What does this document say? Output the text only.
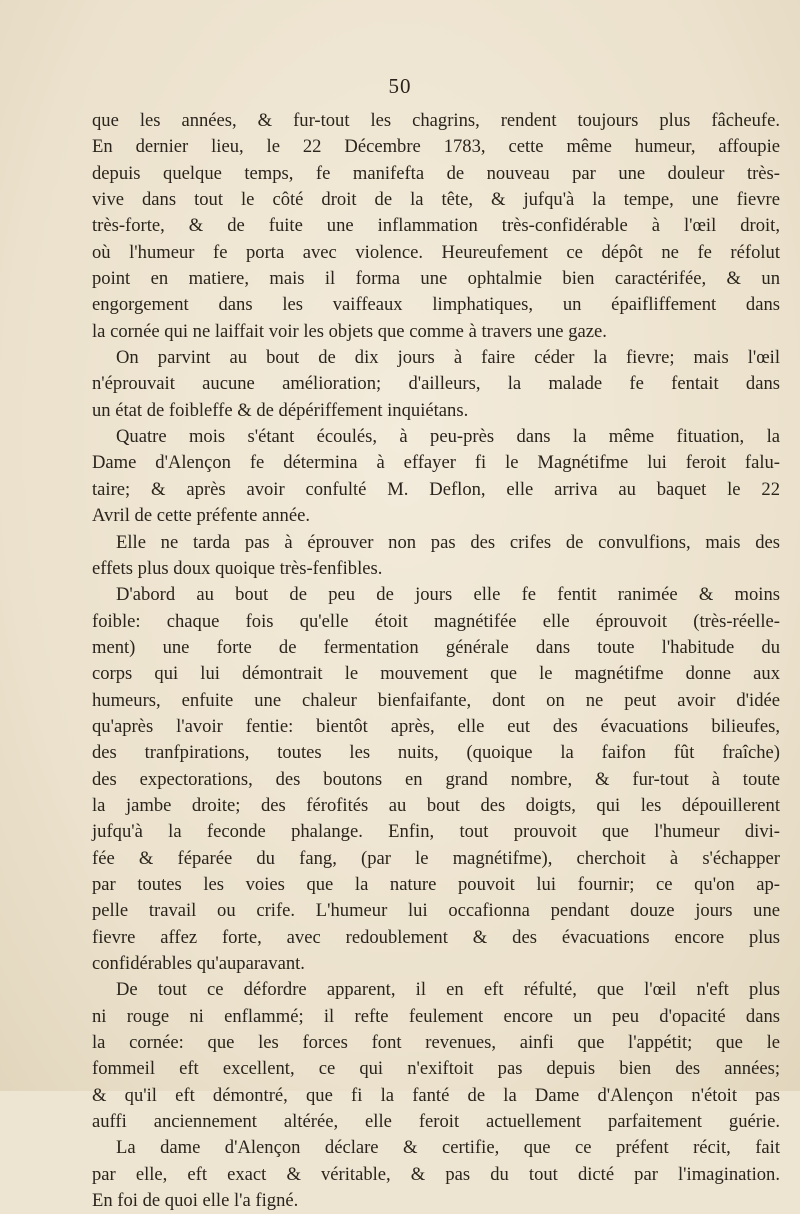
50
que les années, & fur-tout les chagrins, rendent toujours plus fâcheufe.
En dernier lieu, le 22 Décembre 1783, cette même humeur, affoupie
depuis quelque temps, fe manifefta de nouveau par une douleur très-
vive dans tout le côté droit de la tête, & jufqu'à la tempe, une fievre
très-forte, & de fuite une inflammation très-confidérable à l'œil droit,
où l'humeur fe porta avec violence. Heureufement ce dépôt ne fe réfolut
point en matiere, mais il forma une ophtalmie bien caractérifée, & un
engorgement dans les vaiffeaux limphatiques, un épaifliffement dans
la cornée qui ne laiffait voir les objets que comme à travers une gaze.
On parvint au bout de dix jours à faire céder la fievre; mais l'œil
n'éprouvait aucune amélioration; d'ailleurs, la malade fe fentait dans
un état de foibleffe & de dépériffement inquiétans.
Quatre mois s'étant écoulés, à peu-près dans la même fituation, la
Dame d'Alençon fe détermina à effayer fi le Magnétifme lui feroit falu-
taire; & après avoir confulté M. Deflon, elle arriva au baquet le 22
Avril de cette préfente année.
Elle ne tarda pas à éprouver non pas des crifes de convulfions, mais des
effets plus doux quoique très-fenfibles.
D'abord au bout de peu de jours elle fe fentit ranimée & moins
foible: chaque fois qu'elle étoit magnétifée elle éprouvoit (très-réelle-
ment) une forte de fermentation générale dans toute l'habitude du
corps qui lui démontrait le mouvement que le magnétifme donne aux
humeurs, enfuite une chaleur bienfaifante, dont on ne peut avoir d'idée
qu'après l'avoir fentie: bientôt après, elle eut des évacuations bilieufes,
des tranfpirations, toutes les nuits, (quoique la faifon fût fraîche)
des expectorations, des boutons en grand nombre, & fur-tout à toute
la jambe droite; des férofités au bout des doigts, qui les dépouillerent
jufqu'à la feconde phalange. Enfin, tout prouvoit que l'humeur divi-
fée & féparée du fang, (par le magnétifme), cherchoit à s'échapper
par toutes les voies que la nature pouvoit lui fournir; ce qu'on ap-
pelle travail ou crife. L'humeur lui occafionna pendant douze jours une
fievre affez forte, avec redoublement & des évacuations encore plus
confidérables qu'auparavant.
De tout ce défordre apparent, il en eft réfulté, que l'œil n'eft plus
ni rouge ni enflammé; il refte feulement encore un peu d'opacité dans
la cornée: que les forces font revenues, ainfi que l'appétit; que le
fommeil eft excellent, ce qui n'exiftoit pas depuis bien des années;
& qu'il eft démontré, que fi la fanté de la Dame d'Alençon n'étoit pas
auffi anciennement altérée, elle feroit actuellement parfaitement guérie.
La dame d'Alençon déclare & certifie, que ce préfent récit, fait
par elle, eft exact & véritable, & pas du tout dicté par l'imagination.
En foi de quoi elle l'a figné.
